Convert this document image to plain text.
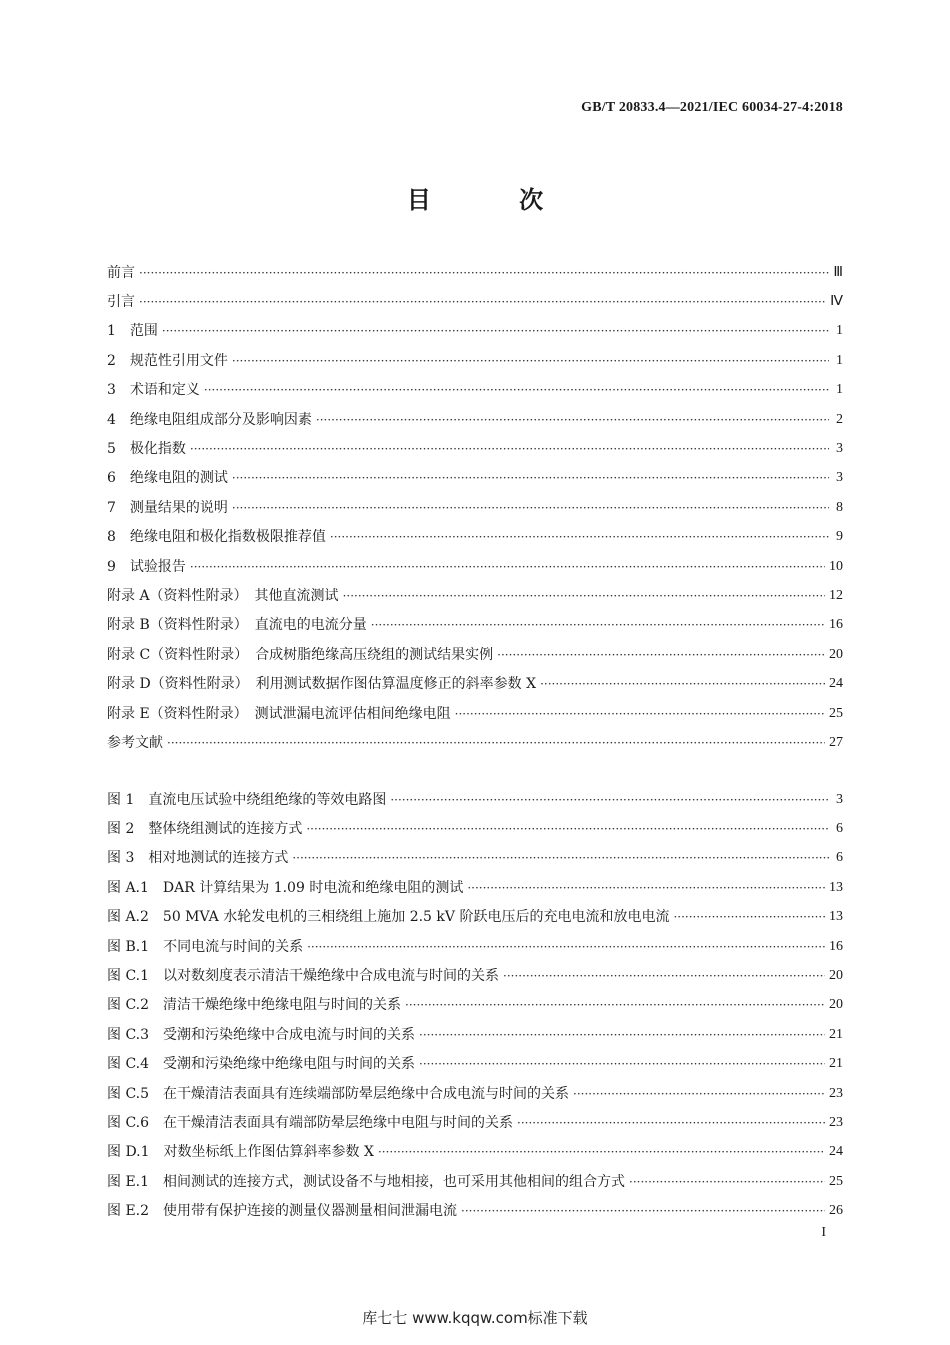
GB/T 20833.4—2021/IEC 60034-27-4:2018
目 次
前言 ·····	Ⅲ
引言 ·····	Ⅳ
1　范围 ·····	1
2　规范性引用文件 ·····	1
3　术语和定义 ·····	1
4　绝缘电阻组成部分及影响因素 ·····	2
5　极化指数 ·····	3
6　绝缘电阻的测试 ·····	3
7　测量结果的说明 ·····	8
8　绝缘电阻和极化指数极限推荐值 ·····	9
9　试验报告 ·····	10
附录 A（资料性附录）　其他直流测试 ·····	12
附录 B（资料性附录）　直流电的电流分量 ·····	16
附录 C（资料性附录）　合成树脂绝缘高压绕组的测试结果实例 ·····	20
附录 D（资料性附录）　利用测试数据作图估算温度修正的斜率参数 X ·····	24
附录 E（资料性附录）　测试泄漏电流评估相间绝缘电阻 ·····	25
参考文献 ·····	27
图 1　直流电压试验中绕组绝缘的等效电路图 ·····	3
图 2　整体绕组测试的连接方式 ·····	6
图 3　相对地测试的连接方式 ·····	6
图 A.1　DAR 计算结果为 1.09 时电流和绝缘电阻的测试 ·····	13
图 A.2　50 MVA 水轮发电机的三相绕组上施加 2.5 kV 阶跃电压后的充电电流和放电电流 ·····	13
图 B.1　不同电流与时间的关系 ·····	16
图 C.1　以对数刻度表示清洁干燥绝缘中合成电流与时间的关系 ·····	20
图 C.2　清洁干燥绝缘中绝缘电阻与时间的关系 ·····	20
图 C.3　受潮和污染绝缘中合成电流与时间的关系 ·····	21
图 C.4　受潮和污染绝缘中绝缘电阻与时间的关系 ·····	21
图 C.5　在干燥清洁表面具有连续端部防晕层绝缘中合成电流与时间的关系 ·····	23
图 C.6　在干燥清洁表面具有端部防晕层绝缘中电阻与时间的关系 ·····	23
图 D.1　对数坐标纸上作图估算斜率参数 X ·····	24
图 E.1　相间测试的连接方式，测试设备不与地相接，也可采用其他相间的组合方式 ·····	25
图 E.2　使用带有保护连接的测量仪器测量相间泄漏电流 ·····	26
I
库七七 www.kqqw.com标准下载
